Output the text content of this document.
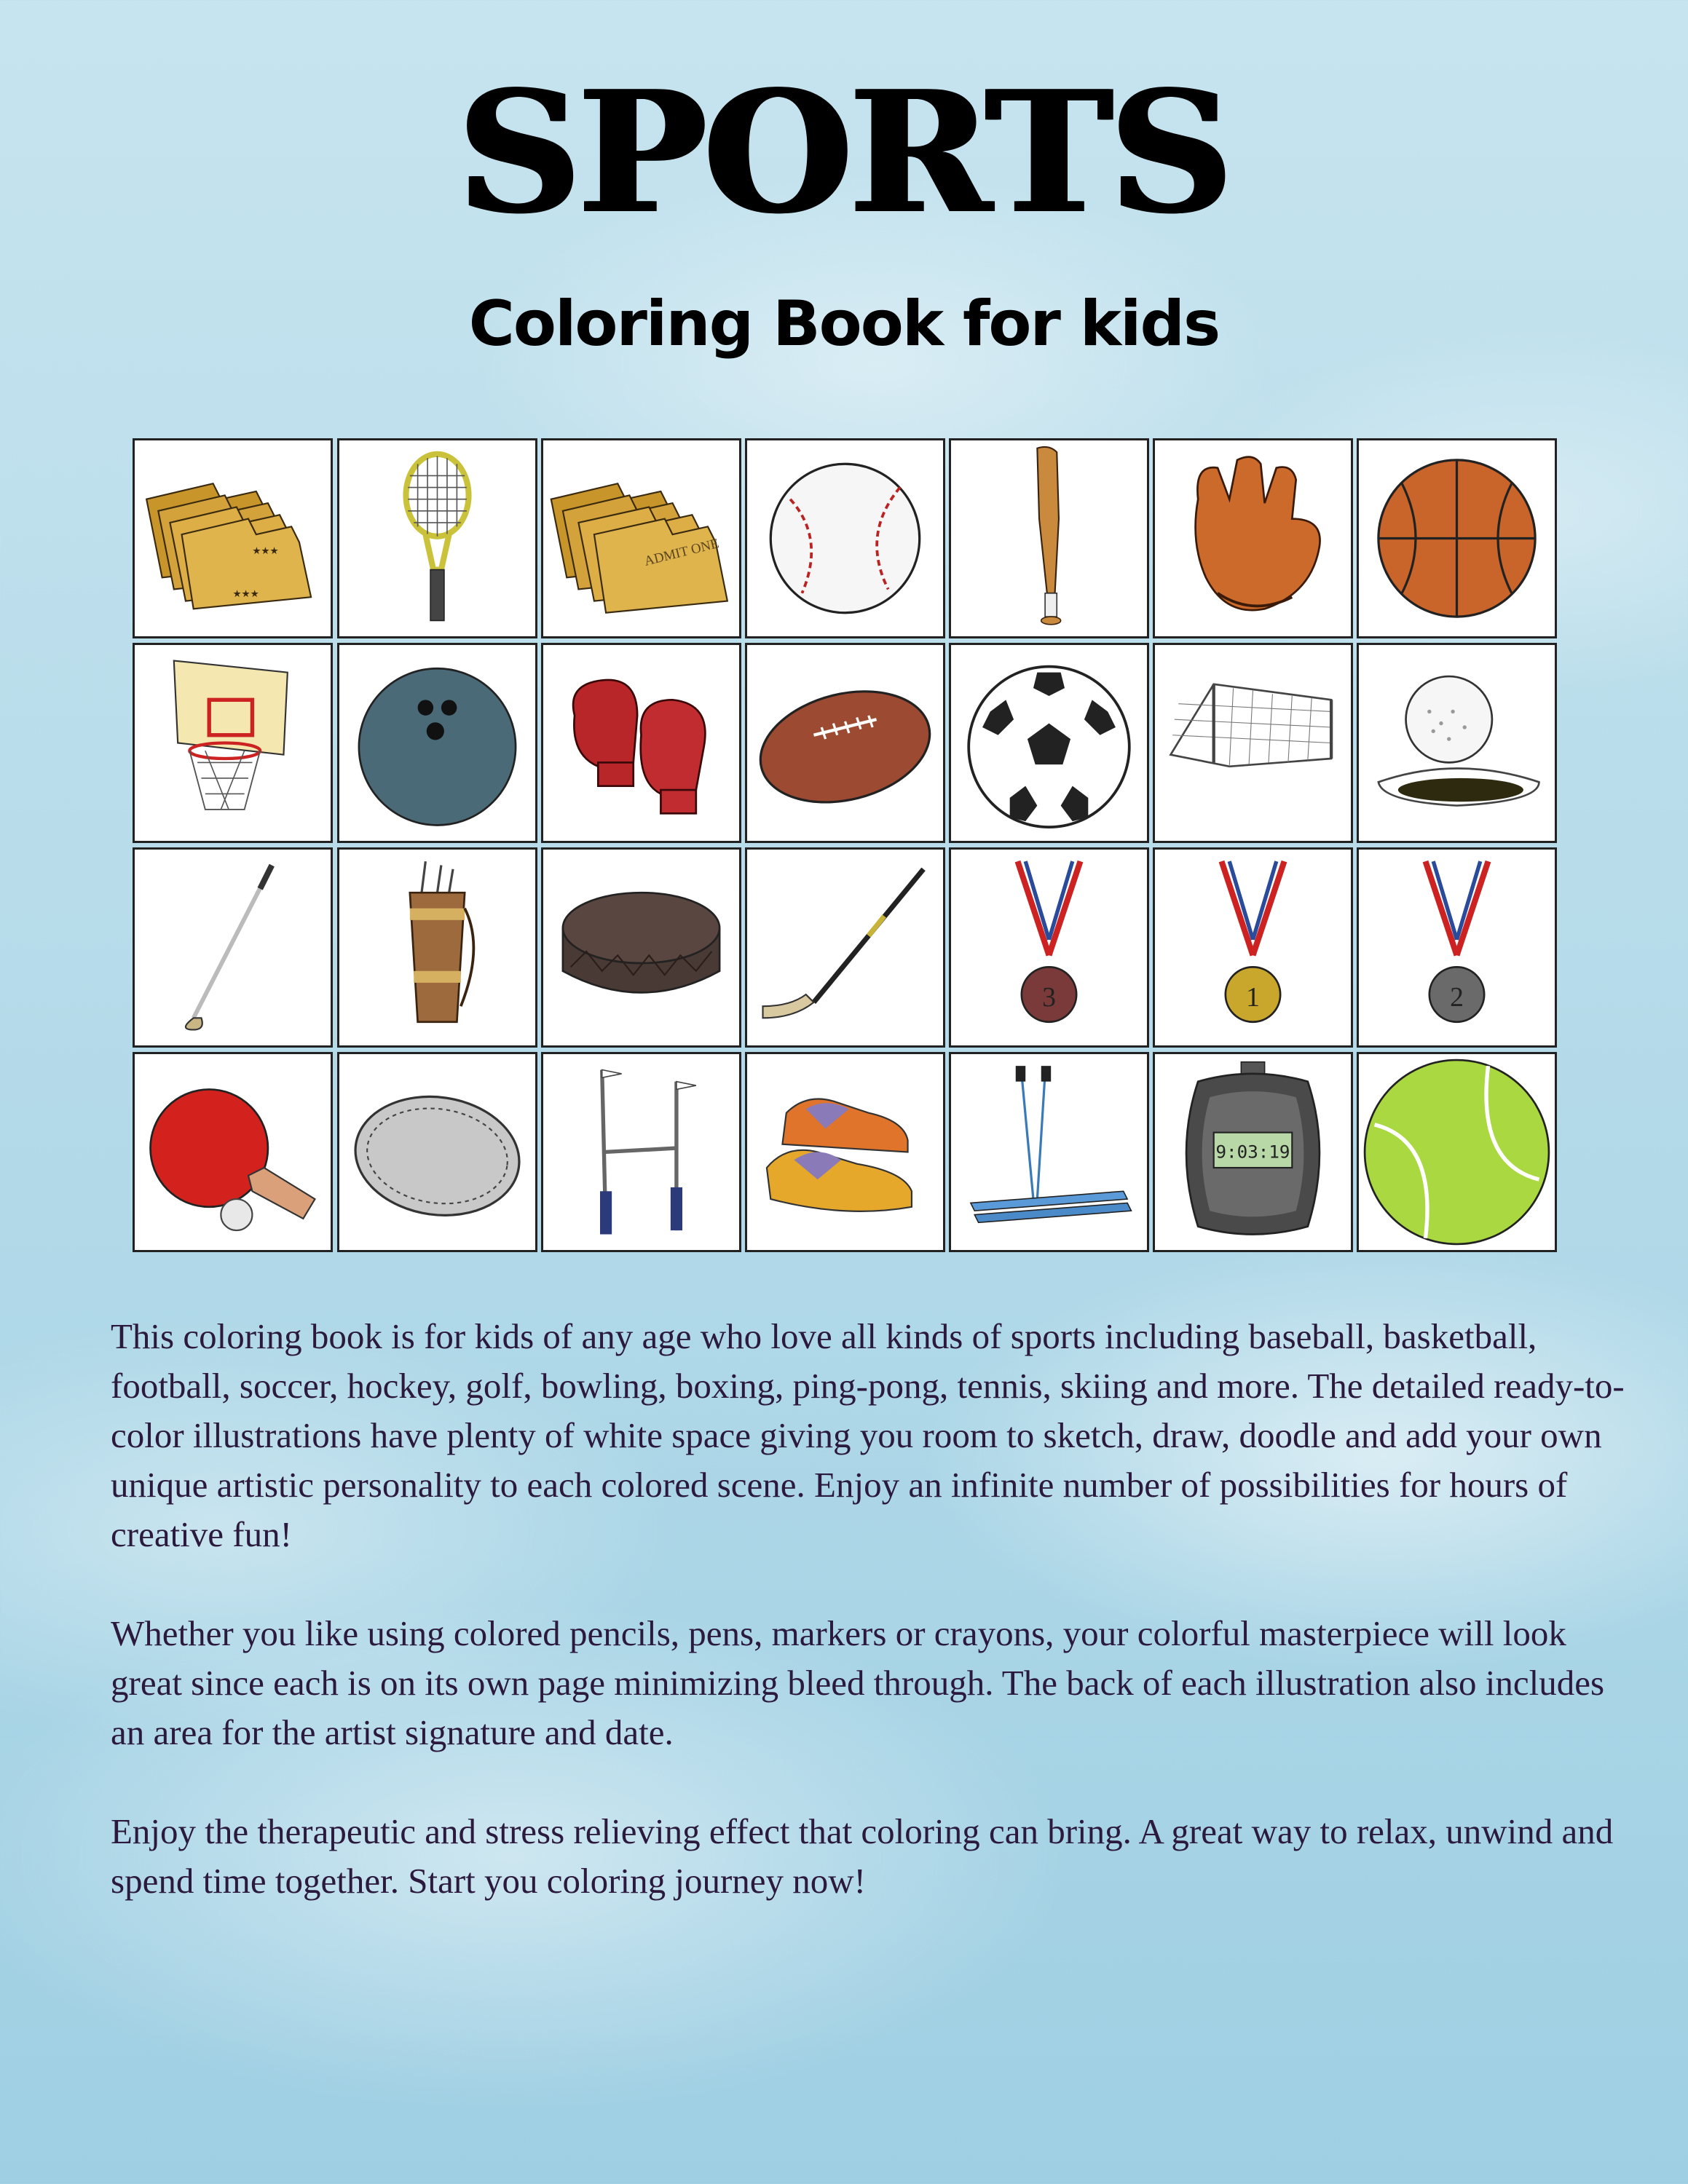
SPORTS
Coloring Book for kids
★★★
★★★
ADMIT ONE
3	1	2
9:03:19

This coloring book is for kids of any age who love all kinds of sports including baseball, basketball, football, soccer, hockey, golf, bowling, boxing, ping-pong, tennis, skiing and more. The detailed ready-to-color illustrations have plenty of white space giving you room to sketch, draw, doodle and add your own unique artistic personality to each colored scene. Enjoy an infinite number of possibilities for hours of creative fun!

Whether you like using colored pencils, pens, markers or crayons, your colorful masterpiece will look great since each is on its own page minimizing bleed through. The back of each illustration also includes an area for the artist signature and date.

Enjoy the therapeutic and stress relieving effect that coloring can bring. A great way to relax, unwind and spend time together. Start you coloring journey now!
